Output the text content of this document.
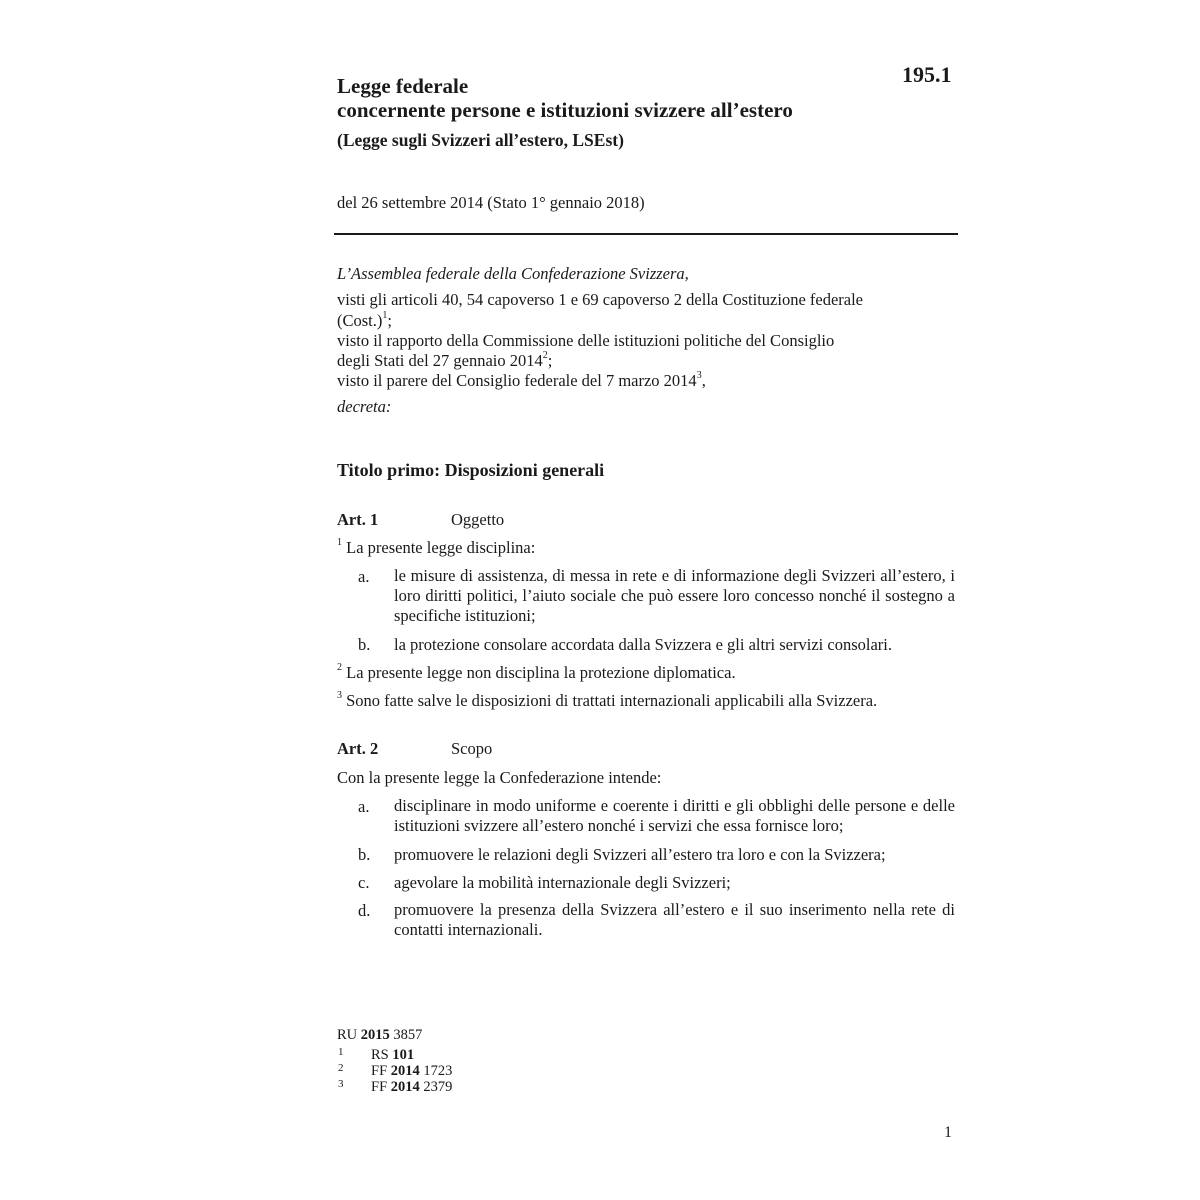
195.1
Legge federale
concernente persone e istituzioni svizzere all’estero
(Legge sugli Svizzeri all’estero, LSEst)
del 26 settembre 2014 (Stato 1° gennaio 2018)
L’Assemblea federale della Confederazione Svizzera,
visti gli articoli 40, 54 capoverso 1 e 69 capoverso 2 della Costituzione federale
(Cost.)$^1$;
visto il rapporto della Commissione delle istituzioni politiche del Consiglio
degli Stati del 27 gennaio 2014$^2$;
visto il parere del Consiglio federale del 7 marzo 2014$^3$,
decreta:
Titolo primo: Disposizioni generali
Art. 1	Oggetto
$^1$ La presente legge disciplina:
a. le misure di assistenza, di messa in rete e di informazione degli Svizzeri all’estero, i loro diritti politici, l’aiuto sociale che può essere loro concesso nonché il sostegno a specifiche istituzioni;
b. la protezione consolare accordata dalla Svizzera e gli altri servizi consolari.
$^2$ La presente legge non disciplina la protezione diplomatica.
$^3$ Sono fatte salve le disposizioni di trattati internazionali applicabili alla Svizzera.
Art. 2	Scopo
Con la presente legge la Confederazione intende:
a. disciplinare in modo uniforme e coerente i diritti e gli obblighi delle persone e delle istituzioni svizzere all’estero nonché i servizi che essa fornisce loro;
b. promuovere le relazioni degli Svizzeri all’estero tra loro e con la Svizzera;
c. agevolare la mobilità internazionale degli Svizzeri;
d. promuovere la presenza della Svizzera all’estero e il suo inserimento nella rete di contatti internazionali.
RU 2015 3857
1 RS 101
2 FF 2014 1723
3 FF 2014 2379
1
